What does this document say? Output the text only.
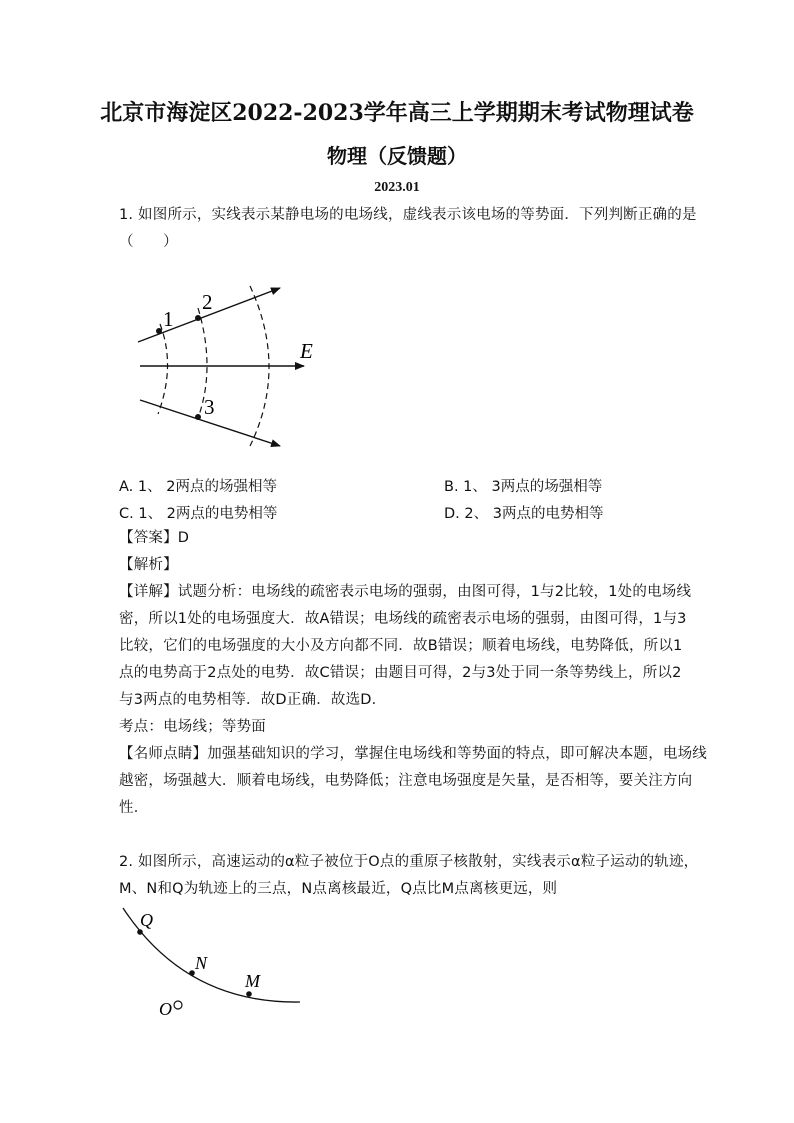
北京市海淀区2022-2023学年高三上学期期末考试物理试卷
物理（反馈题）
2023.01
1. 如图所示，实线表示某静电场的电场线，虚线表示该电场的等势面．下列判断正确的是
（　　）
1
2
3
E
A. 1、 2两点的场强相等	B. 1、 3两点的场强相等
C. 1、 2两点的电势相等	D. 2、 3两点的电势相等
【答案】D
【解析】
【详解】试题分析：电场线的疏密表示电场的强弱，由图可得，1与2比较，1处的电场线
密，所以1处的电场强度大．故A错误；电场线的疏密表示电场的强弱，由图可得，1与3
比较，它们的电场强度的大小及方向都不同．故B错误；顺着电场线，电势降低，所以1
点的电势高于2点处的电势．故C错误；由题目可得，2与3处于同一条等势线上，所以2
与3两点的电势相等．故D正确．故选D．
考点：电场线；等势面
【名师点睛】加强基础知识的学习，掌握住电场线和等势面的特点，即可解决本题，电场线
越密，场强越大．顺着电场线，电势降低；注意电场强度是矢量，是否相等，要关注方向
性．
2. 如图所示，高速运动的α粒子被位于O点的重原子核散射，实线表示α粒子运动的轨迹，
M、N和Q为轨迹上的三点，N点离核最近，Q点比M点离核更远，则
Q
N
M
O
